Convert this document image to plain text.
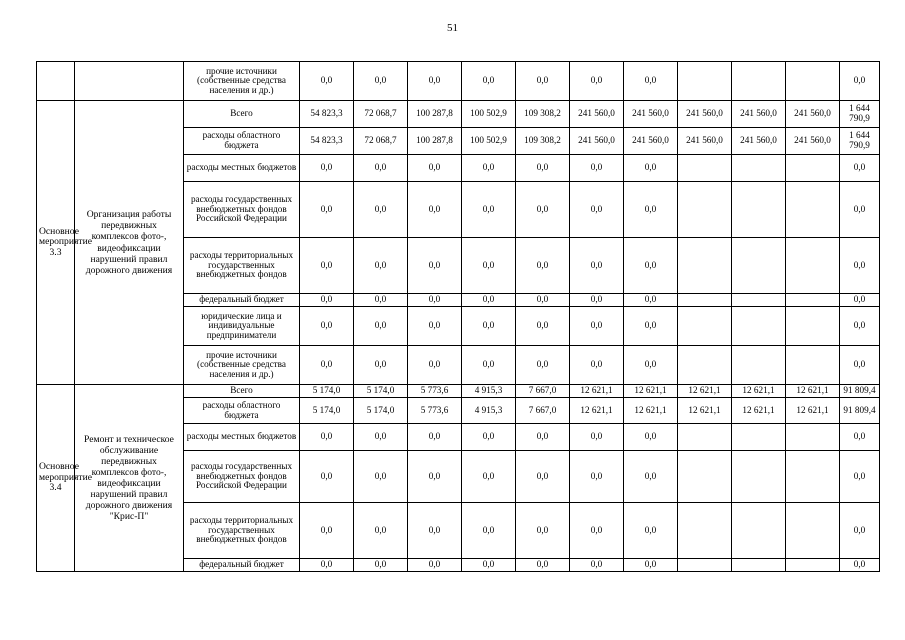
51
		прочие источники (собственные средства населения и др.)	0,0	0,0	0,0	0,0	0,0	0,0	0,0				0,0
Основное мероприятие 3.3	Организация работы передвижных комплексов фото-, видеофиксации нарушений правил дорожного движения	Всего	54 823,3	72 068,7	100 287,8	100 502,9	109 308,2	241 560,0	241 560,0	241 560,0	241 560,0	241 560,0	1 644 790,9
		расходы областного бюджета	54 823,3	72 068,7	100 287,8	100 502,9	109 308,2	241 560,0	241 560,0	241 560,0	241 560,0	241 560,0	1 644 790,9
		расходы местных бюджетов	0,0	0,0	0,0	0,0	0,0	0,0	0,0				0,0
		расходы государственных внебюджетных фондов Российской Федерации	0,0	0,0	0,0	0,0	0,0	0,0	0,0				0,0
		расходы территориальных государственных внебюджетных фондов	0,0	0,0	0,0	0,0	0,0	0,0	0,0				0,0
		федеральный бюджет	0,0	0,0	0,0	0,0	0,0	0,0	0,0				0,0
		юридические лица и индивидуальные предприниматели	0,0	0,0	0,0	0,0	0,0	0,0	0,0				0,0
		прочие источники (собственные средства населения и др.)	0,0	0,0	0,0	0,0	0,0	0,0	0,0				0,0
Основное мероприятие 3.4	Ремонт и техническое обслуживание передвижных комплексов фото-, видеофиксации нарушений правил дорожного движения "Крис-П"	Всего	5 174,0	5 174,0	5 773,6	4 915,3	7 667,0	12 621,1	12 621,1	12 621,1	12 621,1	12 621,1	91 809,4
		расходы областного бюджета	5 174,0	5 174,0	5 773,6	4 915,3	7 667,0	12 621,1	12 621,1	12 621,1	12 621,1	12 621,1	91 809,4
		расходы местных бюджетов	0,0	0,0	0,0	0,0	0,0	0,0	0,0				0,0
		расходы государственных внебюджетных фондов Российской Федерации	0,0	0,0	0,0	0,0	0,0	0,0	0,0				0,0
		расходы территориальных государственных внебюджетных фондов	0,0	0,0	0,0	0,0	0,0	0,0	0,0				0,0
		федеральный бюджет	0,0	0,0	0,0	0,0	0,0	0,0	0,0				0,0
